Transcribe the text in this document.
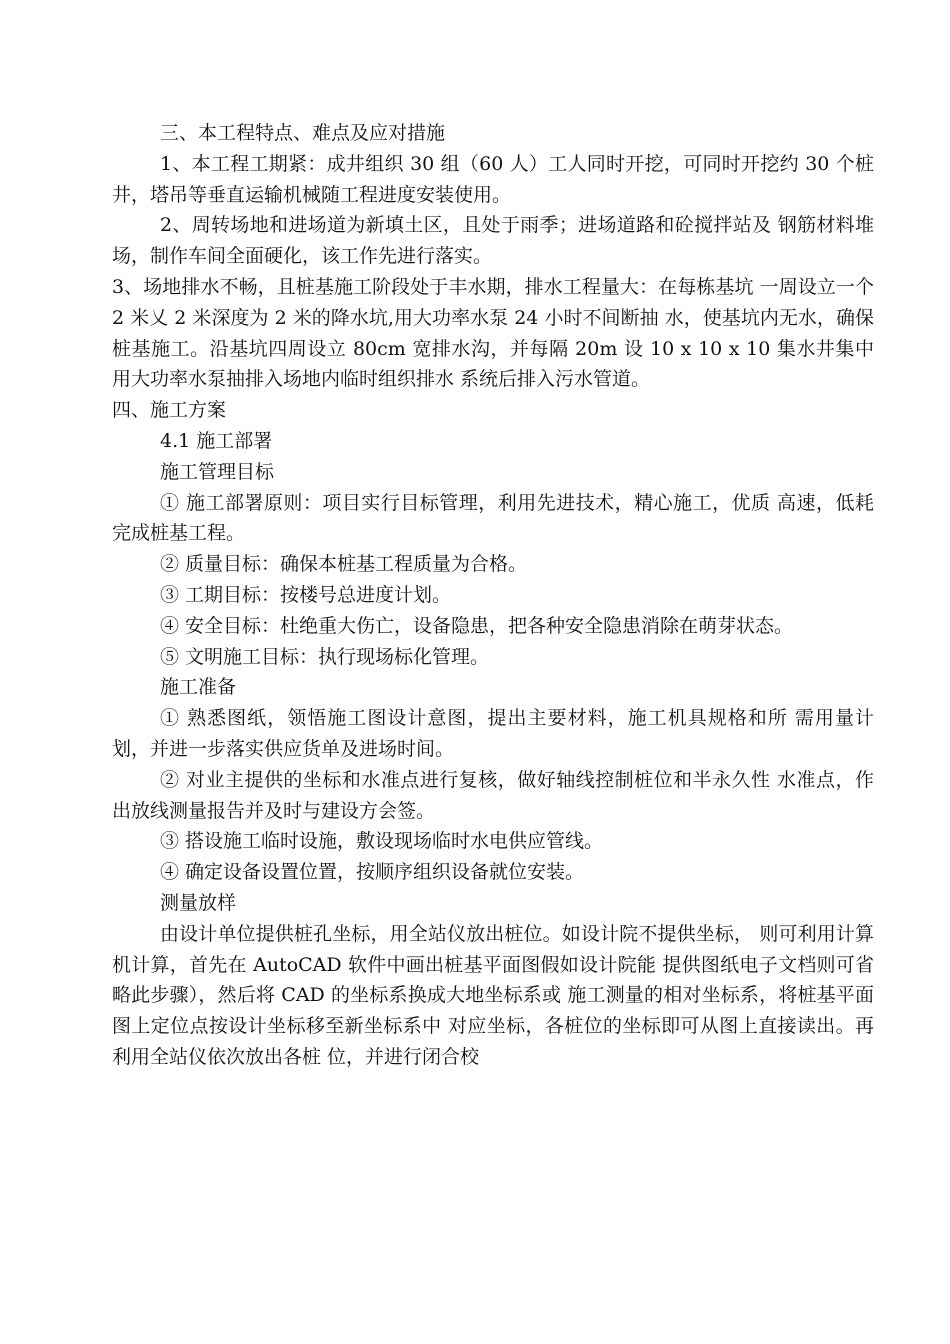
三、本工程特点、难点及应对措施

1、本工程工期紧：成井组织 30 组（60 人）工人同时开挖，可同时开挖约 30 个桩井，塔吊等垂直运输机械随工程进度安装使用。

2、周转场地和进场道为新填土区，且处于雨季；进场道路和砼搅拌站及 钢筋材料堆场，制作车间全面硬化，该工作先进行落实。

3、场地排水不畅，且桩基施工阶段处于丰水期，排水工程量大：在每栋基坑 一周设立一个 2 米乂 2 米深度为 2 米的降水坑,用大功率水泵 24 小时不间断抽 水，使基坑内无水，确保桩基施工。沿基坑四周设立 80cm 宽排水沟，并每隔 20m 设 10 x 10 x 10 集水井集中用大功率水泵抽排入场地内临时组织排水 系统后排入污水管道。

四、施工方案

4.1 施工部署

施工管理目标

① 施工部署原则：项目实行目标管理，利用先进技术，精心施工，优质 高速，低耗完成桩基工程。

② 质量目标：确保本桩基工程质量为合格。

③ 工期目标：按楼号总进度计划。

④ 安全目标：杜绝重大伤亡，设备隐患，把各种安全隐患消除在萌芽状态。

⑤ 文明施工目标：执行现场标化管理。

施工准备

① 熟悉图纸，领悟施工图设计意图，提出主要材料，施工机具规格和所 需用量计划，并进一步落实供应货单及进场时间。

② 对业主提供的坐标和水准点进行复核，做好轴线控制桩位和半永久性 水准点，作出放线测量报告并及时与建设方会签。

③ 搭设施工临时设施，敷设现场临时水电供应管线。

④ 确定设备设置位置，按顺序组织设备就位安装。

测量放样

由设计单位提供桩孔坐标，用全站仪放出桩位。如设计院不提供坐标， 则可利用计算机计算，首先在 AutoCAD 软件中画出桩基平面图假如设计院能 提供图纸电子文档则可省略此步骤），然后将 CAD 的坐标系换成大地坐标系或 施工测量的相对坐标系，将桩基平面图上定位点按设计坐标移至新坐标系中 对应坐标，各桩位的坐标即可从图上直接读出。再利用全站仪依次放出各桩 位，并进行闭合校
